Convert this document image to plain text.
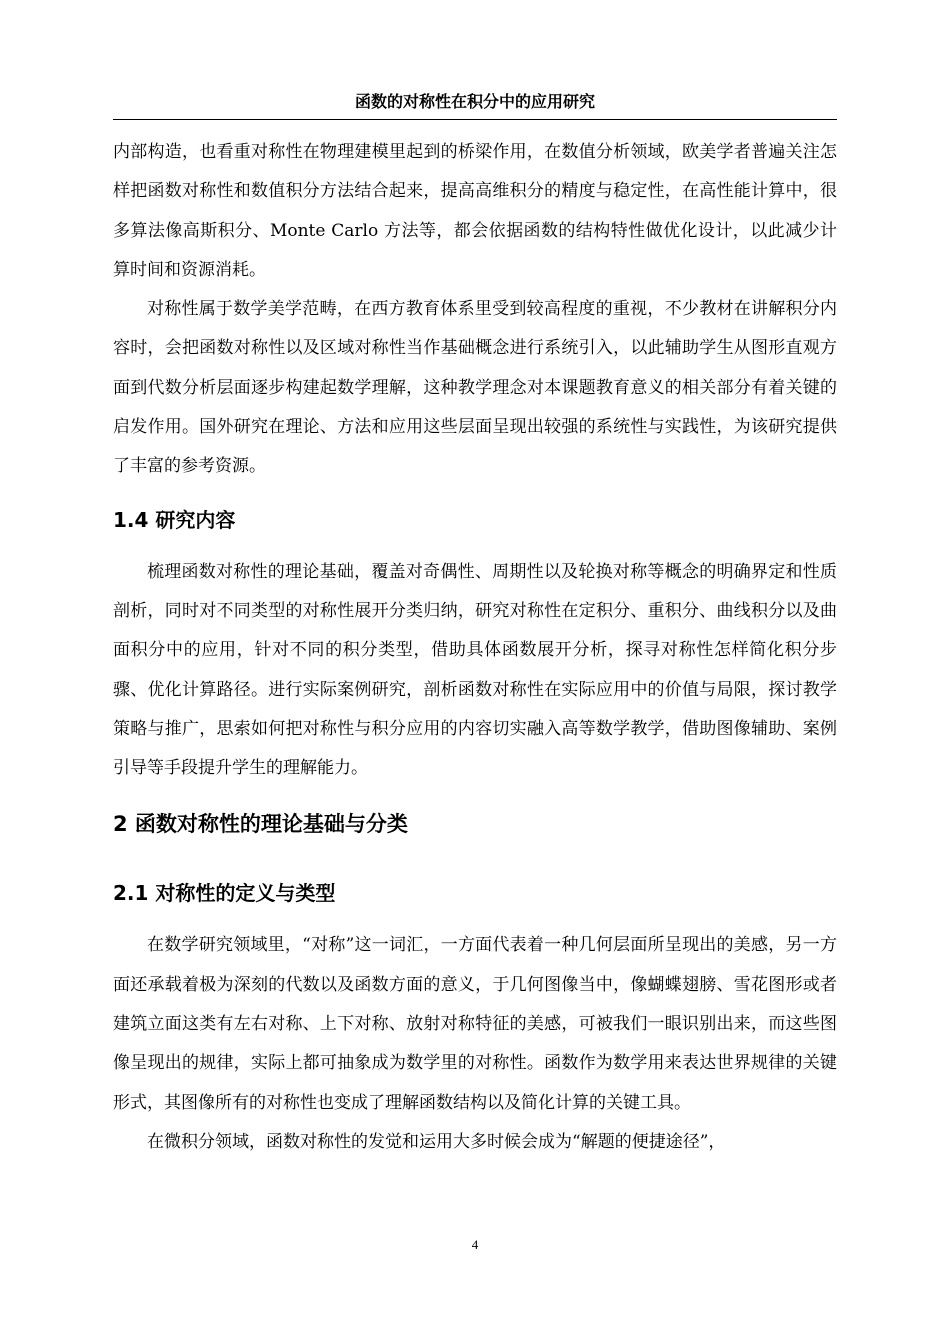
函数的对称性在积分中的应用研究

内部构造，也看重对称性在物理建模里起到的桥梁作用，在数值分析领域，欧美学者普遍关注怎样把函数对称性和数值积分方法结合起来，提高高维积分的精度与稳定性，在高性能计算中，很多算法像高斯积分、Monte Carlo 方法等，都会依据函数的结构特性做优化设计，以此减少计算时间和资源消耗。

对称性属于数学美学范畴，在西方教育体系里受到较高程度的重视，不少教材在讲解积分内容时，会把函数对称性以及区域对称性当作基础概念进行系统引入，以此辅助学生从图形直观方面到代数分析层面逐步构建起数学理解，这种教学理念对本课题教育意义的相关部分有着关键的启发作用。国外研究在理论、方法和应用这些层面呈现出较强的系统性与实践性，为该研究提供了丰富的参考资源。

1.4 研究内容

梳理函数对称性的理论基础，覆盖对奇偶性、周期性以及轮换对称等概念的明确界定和性质剖析，同时对不同类型的对称性展开分类归纳，研究对称性在定积分、重积分、曲线积分以及曲面积分中的应用，针对不同的积分类型，借助具体函数展开分析，探寻对称性怎样简化积分步骤、优化计算路径。进行实际案例研究，剖析函数对称性在实际应用中的价值与局限，探讨教学策略与推广，思索如何把对称性与积分应用的内容切实融入高等数学教学，借助图像辅助、案例引导等手段提升学生的理解能力。

2 函数对称性的理论基础与分类
2.1 对称性的定义与类型

在数学研究领域里，“对称”这一词汇，一方面代表着一种几何层面所呈现出的美感，另一方面还承载着极为深刻的代数以及函数方面的意义，于几何图像当中，像蝴蝶翅膀、雪花图形或者建筑立面这类有左右对称、上下对称、放射对称特征的美感，可被我们一眼识别出来，而这些图像呈现出的规律，实际上都可抽象成为数学里的对称性。函数作为数学用来表达世界规律的关键形式，其图像所有的对称性也变成了理解函数结构以及简化计算的关键工具。

在微积分领域，函数对称性的发觉和运用大多时候会成为“解题的便捷途径”，

4
